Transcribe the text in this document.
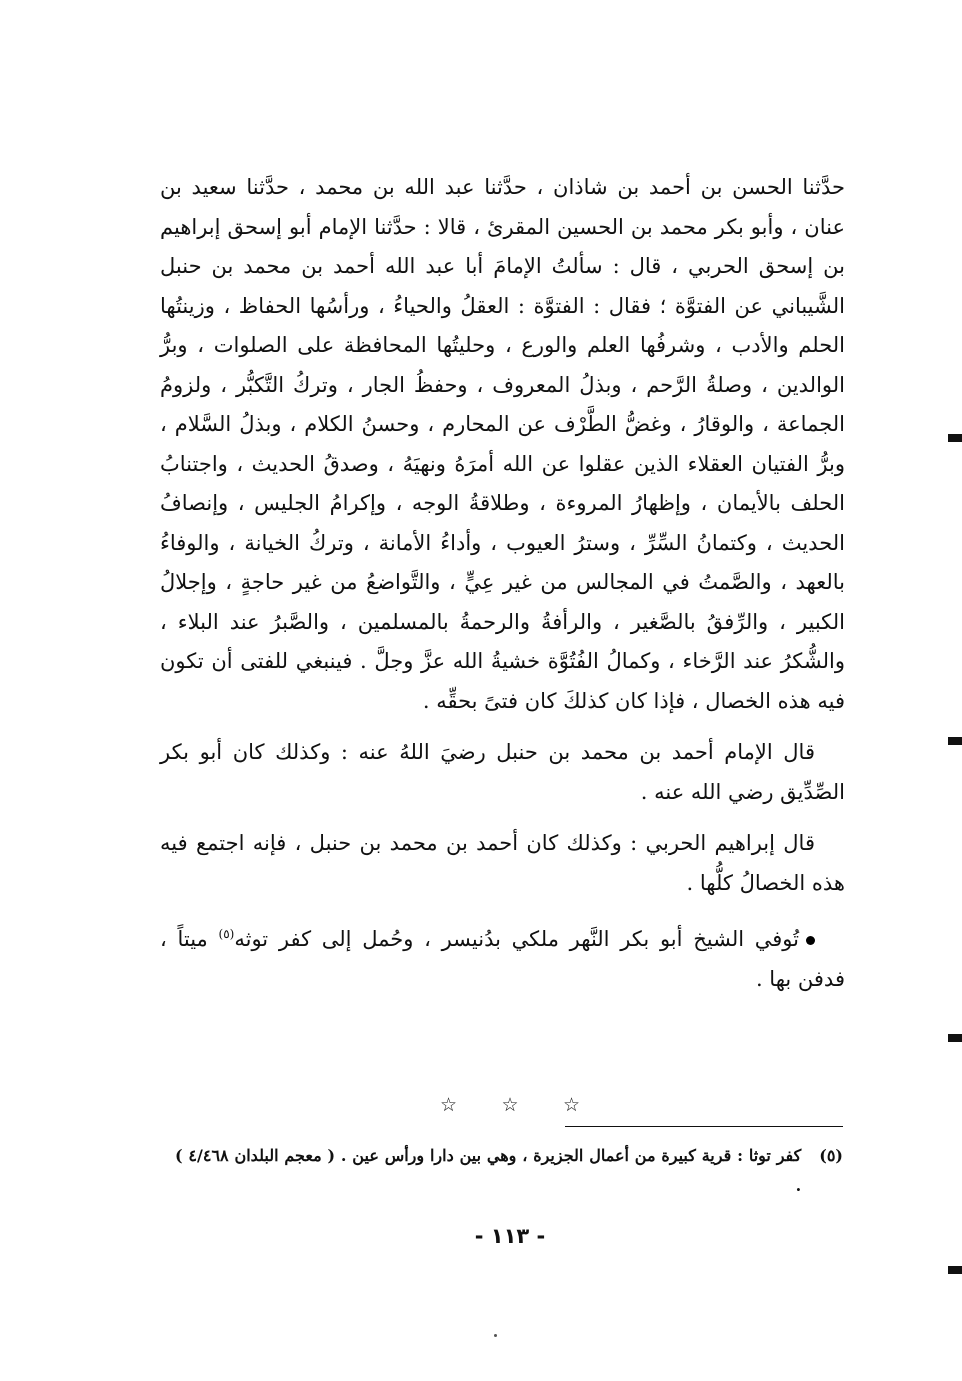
حدَّثنا الحسن بن أحمد بن شاذان ، حدَّثنا عبد الله بن محمد ، حدَّثنا سعيد بن عنان ، وأبو بكر محمد بن الحسين المقرئ ، قالا : حدَّثنا الإمام أبو إسحق إبراهيم بن إسحق الحربي ، قال : سألتُ الإمامَ أبا عبد الله أحمد بن محمد بن حنبل الشَّيباني عن الفتوَّة ؛ فقال : الفتوَّة : العقلُ والحياءُ ، ورأسُها الحفاظ ، وزينتُها الحلم والأدب ، وشرفُها العلم والورع ، وحليتُها المحافظة على الصلوات ، وبرُّ الوالدين ، وصلةُ الرَّحم ، وبذلُ المعروف ، وحفظُ الجار ، وتركُ التَّكبُّر ، ولزومُ الجماعة ، والوقارُ ، وغضُّ الطَّرْف عن المحارم ، وحسنُ الكلام ، وبذلُ السَّلام ، وبرُّ الفتيان العقلاء الذين عقلوا عن الله أمرَهُ ونهيَهُ ، وصدقُ الحديث ، واجتنابُ الحلف بالأيمان ، وإظهارُ المروءة ، وطلاقةُ الوجه ، وإكرامُ الجليس ، وإنصافُ الحديث ، وكتمانُ السِّرِّ ، وسترُ العيوب ، وأداءُ الأمانة ، وتركُ الخيانة ، والوفاءُ بالعهد ، والصَّمتُ في المجالس من غير عِيٍّ ، والتَّواضعُ من غير حاجةٍ ، وإجلالُ الكبير ، والرِّفقُ بالصَّغير ، والرأفةُ والرحمةُ بالمسلمين ، والصَّبرُ عند البلاء ، والشُّكرُ عند الرَّخاء ، وكمالُ الفُتُوَّة خشيةُ الله عزَّ وجلَّ . فينبغي للفتى أن تكون فيه هذه الخصال ، فإذا كان كذلكَ كان فتىً بحقِّه .

قال الإمام أحمد بن محمد بن حنبل رضيَ اللهُ عنه : وكذلك كان أبو بكر الصِّدِّيق رضي الله عنه .

قال إبراهيم الحربي : وكذلك كان أحمد بن محمد بن حنبل ، فإنه اجتمع فيه هذه الخصالُ كلُّها .

تُوفي الشيخ أبو بكر النَّهر ملكي بدُنيسر ، وحُمل إلى كفر توثه$^{(٥)}$ ميتاً ، فدفن بها .

☆
☆
☆
(٥)
كفر توثا : قرية كبيرة من أعمال الجزيرة ، وهي بين دارا ورأس عين . ( معجم البلدان ٤/٤٦٨ ) .
- ١١٣ -
